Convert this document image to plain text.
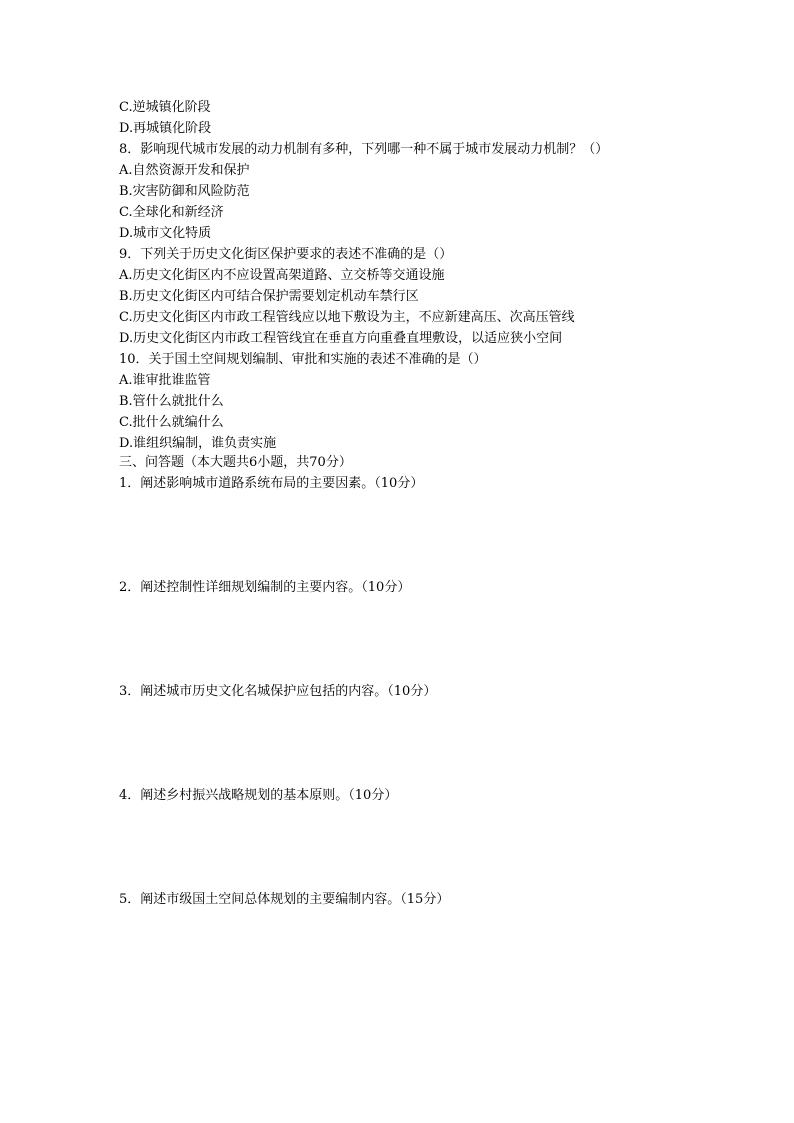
C.逆城镇化阶段
D.再城镇化阶段
8．影响现代城市发展的动力机制有多种，下列哪一种不属于城市发展动力机制？（）
A.自然资源开发和保护
B.灾害防御和风险防范
C.全球化和新经济
D.城市文化特质
9．下列关于历史文化街区保护要求的表述不准确的是（）
A.历史文化街区内不应设置高架道路、立交桥等交通设施
B.历史文化街区内可结合保护需要划定机动车禁行区
C.历史文化街区内市政工程管线应以地下敷设为主，不应新建高压、次高压管线
D.历史文化街区内市政工程管线宜在垂直方向重叠直埋敷设，以适应狭小空间
10．关于国土空间规划编制、审批和实施的表述不准确的是（）
A.谁审批谁监管
B.管什么就批什么
C.批什么就编什么
D.谁组织编制，谁负责实施
三、问答题（本大题共6小题，共70分）
1．阐述影响城市道路系统布局的主要因素。（10分）
2．阐述控制性详细规划编制的主要内容。（10分）
3．阐述城市历史文化名城保护应包括的内容。（10分）
4．阐述乡村振兴战略规划的基本原则。（10分）
5．阐述市级国土空间总体规划的主要编制内容。（15分）
